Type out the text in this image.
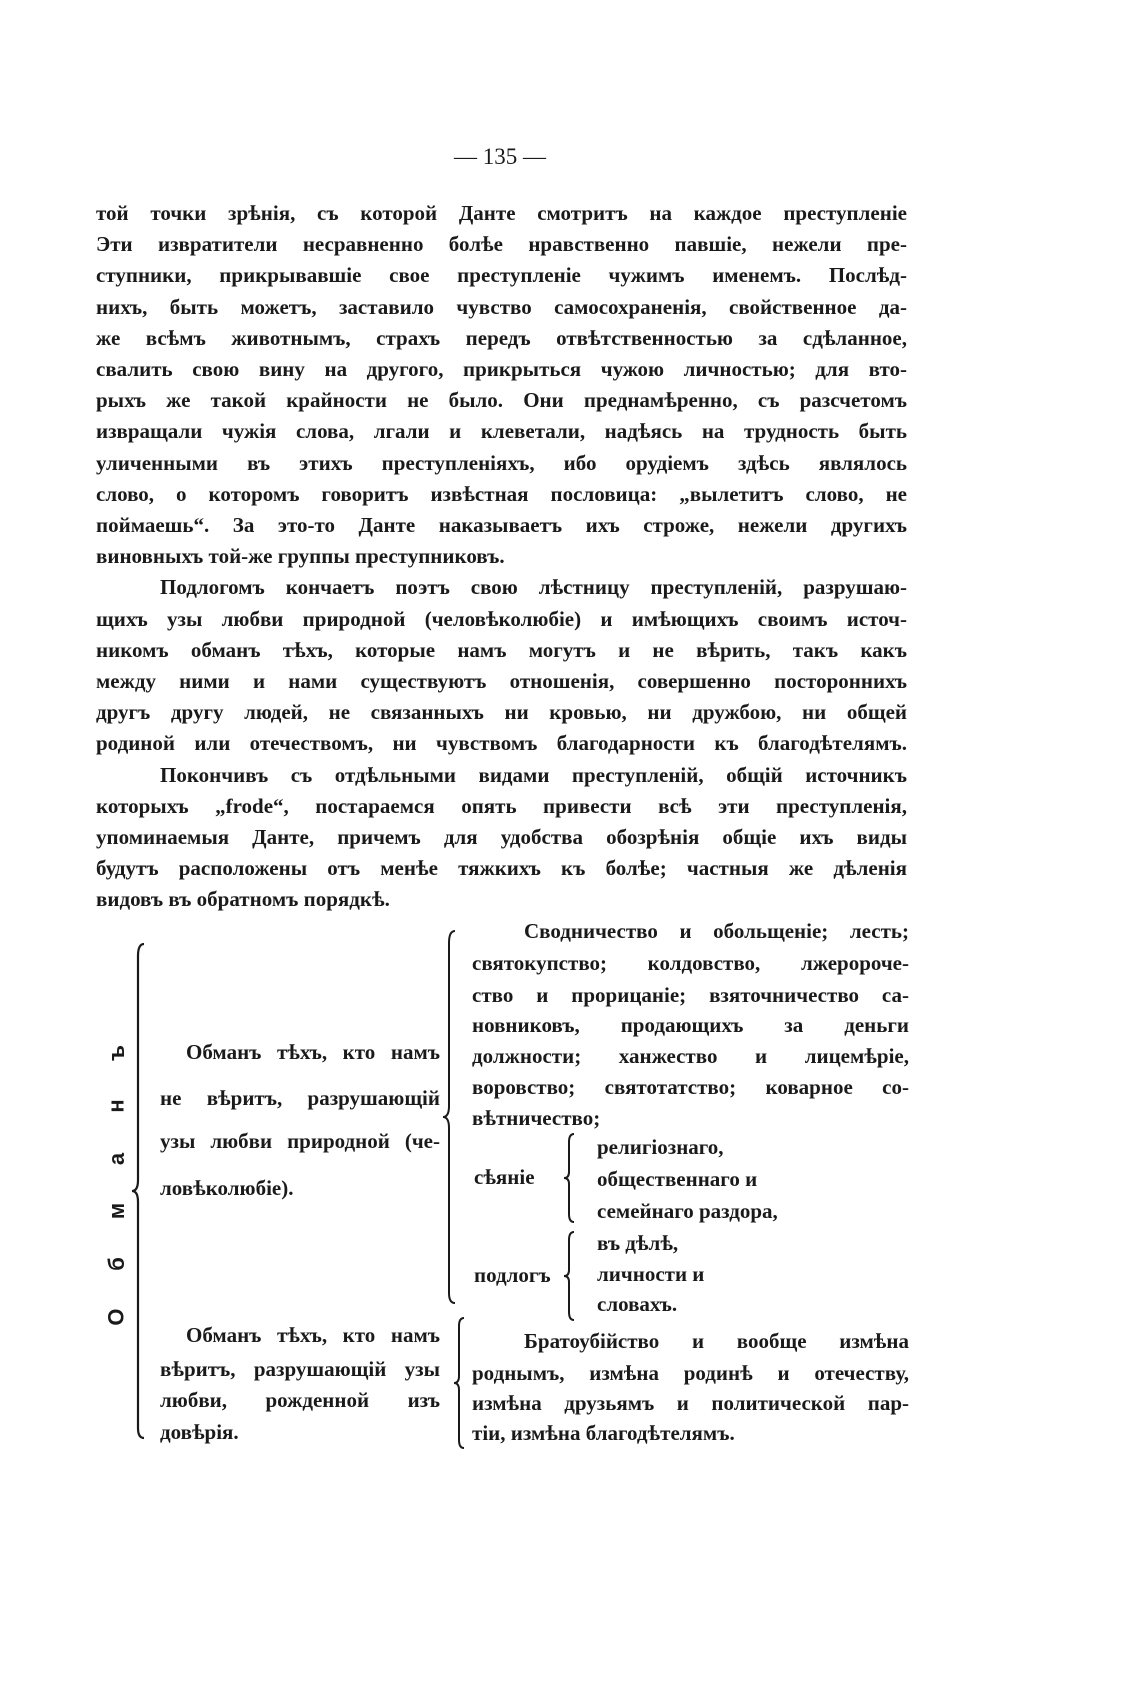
— 135 —
той точки зрѣнія, съ которой Данте смотритъ на каждое преступленіе
Эти извратители несравненно болѣе нравственно павшіе, нежели пре-
ступники, прикрывавшіе свое преступленіе чужимъ именемъ. Послѣд-
нихъ, быть можетъ, заставило чувство самосохраненія, свойственное да-
же всѣмъ животнымъ, страхъ передъ отвѣтственностью за сдѣланное,
свалить свою вину на другого, прикрыться чужою личностью; для вто-
рыхъ же такой крайности не было. Они преднамѣренно, съ разсчетомъ
извращали чужія слова, лгали и клеветали, надѣясь на трудность быть
уличенными въ этихъ преступленіяхъ, ибо орудіемъ здѣсь являлось
слово, о которомъ говоритъ извѣстная пословица: „вылетитъ слово, не
поймаешь“. За это-то Данте наказываетъ ихъ строже, нежели другихъ
виновныхъ той-же группы преступниковъ.
Подлогомъ кончаетъ поэтъ свою лѣстницу преступленій, разрушаю-
щихъ узы любви природной (человѣколюбіе) и имѣющихъ своимъ источ-
никомъ обманъ тѣхъ, которые намъ могутъ и не вѣрить, такъ какъ
между ними и нами существуютъ отношенія, совершенно постороннихъ
другъ другу людей, не связанныхъ ни кровью, ни дружбою, ни общей
родиной или отечествомъ, ни чувствомъ благодарности къ благодѣтелямъ.
Покончивъ съ отдѣльными видами преступленій, общій источникъ
которыхъ „frode“, постараемся опять привести всѣ эти преступленія,
упоминаемыя Данте, причемъ для удобства обозрѣнія общіе ихъ виды
будутъ расположены отъ менѣе тяжкихъ къ болѣе; частныя же дѣленія
видовъ въ обратномъ порядкѣ.
О
б
м
а
н
ъ	Обманъ тѣхъ, кто намъ
не вѣритъ, разрушающій
узы любви природной (че-
ловѣколюбіе).
Сводничество и обольщеніе; лесть;
святокупство; колдовство, лжеророче-
ство и прорицаніе; взяточничество са-
новниковъ, продающихъ за деньги
должности; ханжество и лицемѣріе,
воровство; святотатство; коварное со-
вѣтничество;
сѣяніе
религіознаго,
общественнаго и
семейнаго раздора,
подлогъ
въ дѣлѣ,
личности и
словахъ.
Обманъ тѣхъ, кто намъ
вѣритъ, разрушающій узы
любви, рожденной изъ
довѣрія.
Братоубійство и вообще измѣна
роднымъ, измѣна родинѣ и отечеству,
измѣна друзьямъ и политической пар-
тіи, измѣна благодѣтелямъ.
